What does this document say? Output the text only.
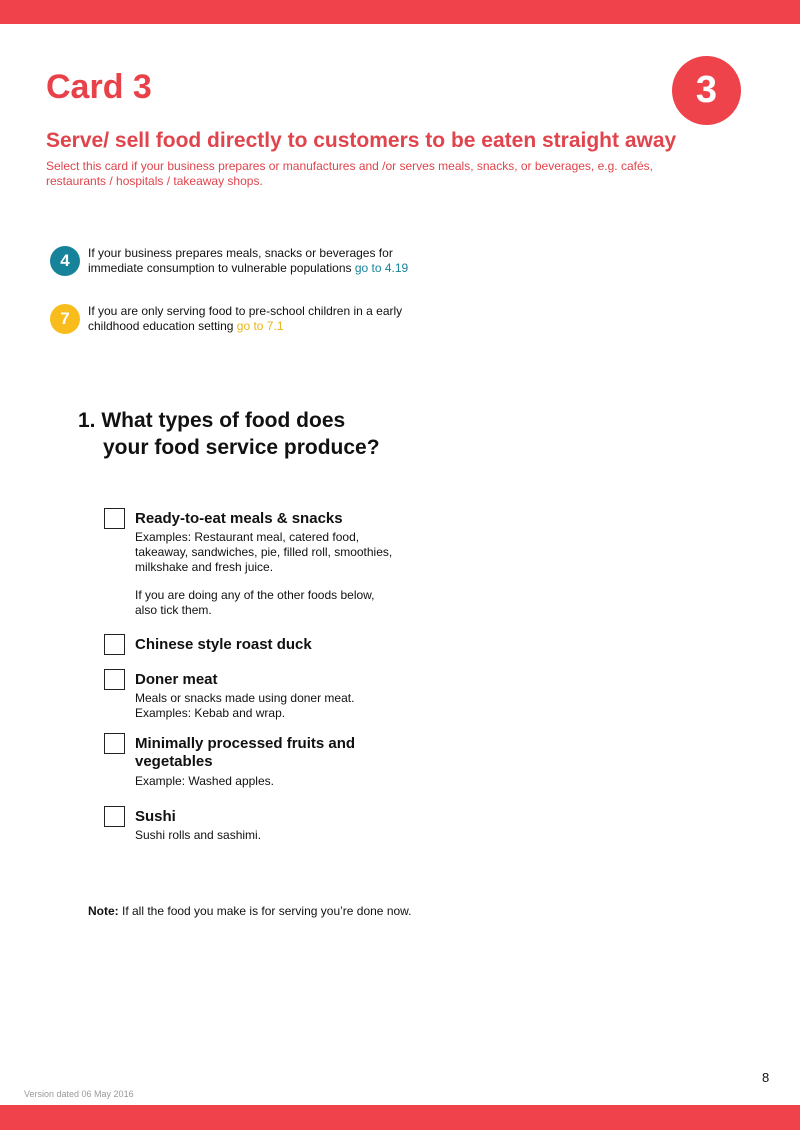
Card 3	3
Serve/ sell food directly to customers to be eaten straight away

Select this card if your business prepares or manufactures and /or serves meals, snacks, or beverages, e.g. cafés, restaurants / hospitals / takeaway shops.

4	If your business prepares meals, snacks or beverages for immediate consumption to vulnerable populations go to 4.19
7	If you are only serving food to pre-school children in a early childhood education setting go to 7.1
1. What types of food does
your food service produce?
Ready-to-eat meals & snacks
Examples: Restaurant meal, catered food, takeaway, sandwiches, pie, filled roll, smoothies, milkshake and fresh juice.
If you are doing any of the other foods below, also tick them.
Chinese style roast duck
Doner meat
Meals or snacks made using doner meat. Examples: Kebab and wrap.
Minimally processed fruits and vegetables
Example: Washed apples.
Sushi
Sushi rolls and sashimi.
Note: If all the food you make is for serving you’re done now.
8
Version dated 06 May 2016
